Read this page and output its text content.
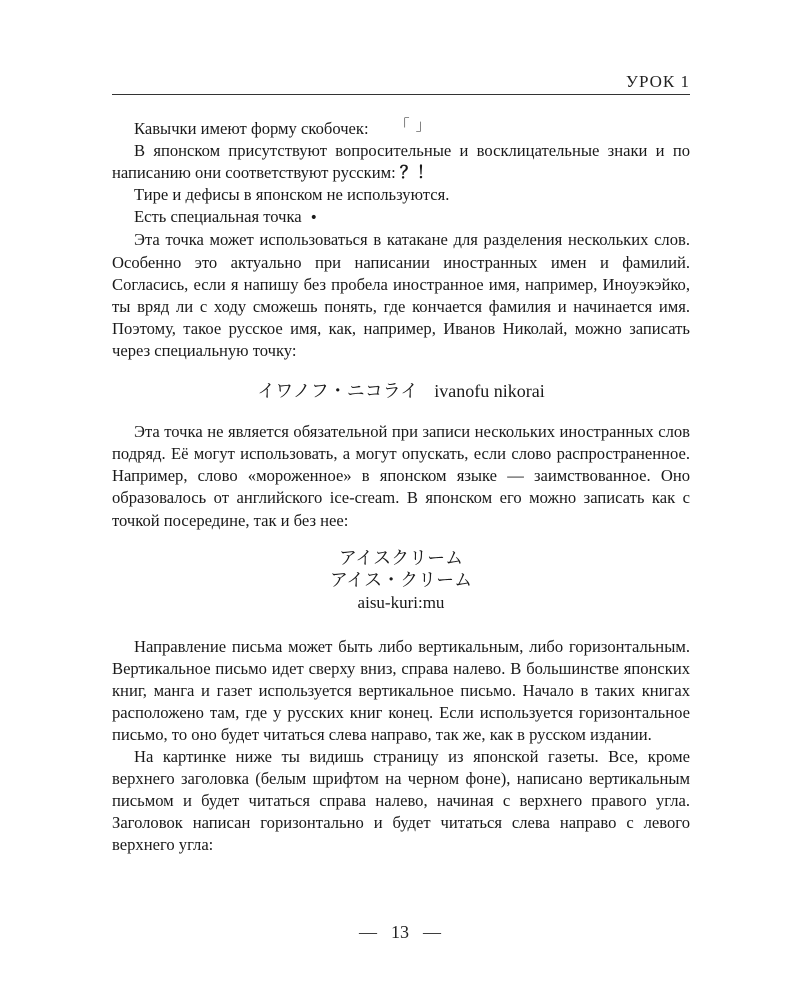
УРОК 1

Кавычки имеют форму скобочек:	「 」

В японском присутствуют вопросительные и восклицательные знаки и по написанию они соответствуют русским: ？！

Тире и дефисы в японском не используются.

Есть специальная точка •

Эта точка может использоваться в катакане для разделения нескольких слов. Особенно это актуально при написании иностранных имен и фамилий. Согласись, если я напишу без пробела иностранное имя, например, Иноуэкэйко, ты вряд ли с ходу сможешь понять, где кончается фамилия и начинается имя. Поэтому, такое русское имя, как, например, Иванов Николай, можно записать через специальную точку:

イワノフ・ニコライ ivanofu nikorai

Эта точка не является обязательной при записи нескольких иностранных слов подряд. Её могут использовать, а могут опускать, если слово распространенное. Например, слово «мороженное» в японском языке — заимствованное. Оно образовалось от английского ice-cream. В японском его можно записать как с точкой посередине, так и без нее:

アイスクリーム
アイス・クリーム
aisu-kuri:mu

Направление письма может быть либо вертикальным, либо горизонтальным. Вертикальное письмо идет сверху вниз, справа налево. В большинстве японских книг, манга и газет используется вертикальное письмо. Начало в таких книгах расположено там, где у русских книг конец. Если используется горизонтальное письмо, то оно будет читаться слева направо, так же, как в русском издании.

На картинке ниже ты видишь страницу из японской газеты. Все, кроме верхнего заголовка (белым шрифтом на черном фоне), написано вертикальным письмом и будет читаться справа налево, начиная с верхнего правого угла. Заголовок написан горизонтально и будет читаться слева направо с левого верхнего угла:

— 13 —
